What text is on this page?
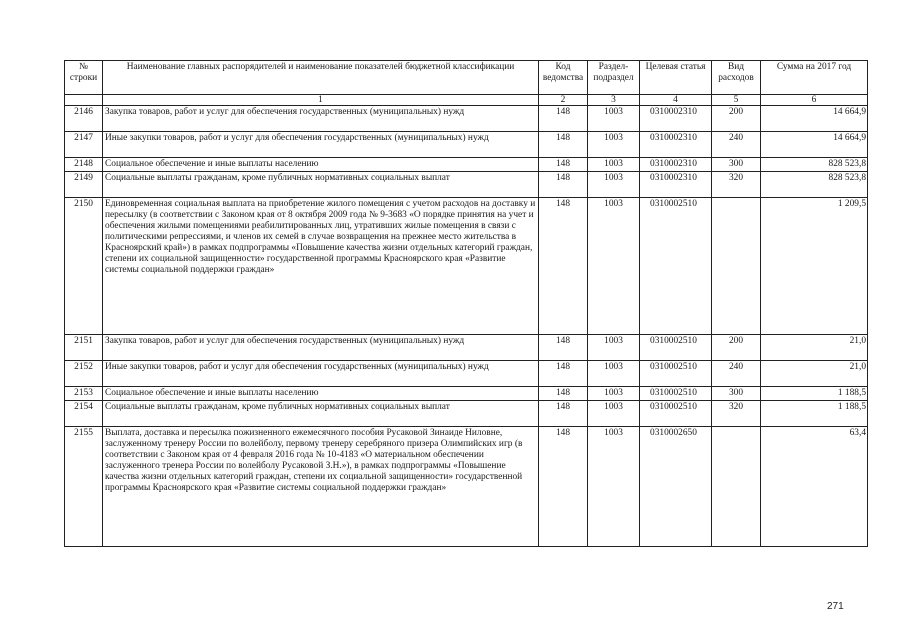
№ строки	Наименование главных распорядителей и наименование показателей бюджетной классификации	Код ведомства	Раздел-подраздел	Целевая статья	Вид расходов	Сумма на 2017 год
	1	2	3	4	5	6
2146	Закупка товаров, работ и услуг для обеспечения государственных (муниципальных) нужд	148	1003	0310002310	200	14 664,9
2147	Иные закупки товаров, работ и услуг для обеспечения государственных (муниципальных) нужд	148	1003	0310002310	240	14 664,9
2148	Социальное обеспечение и иные выплаты населению	148	1003	0310002310	300	828 523,8
2149	Социальные выплаты гражданам, кроме публичных нормативных социальных выплат	148	1003	0310002310	320	828 523,8
2150	Единовременная социальная выплата на приобретение жилого помещения с учетом расходов на доставку и пересылку (в соответствии с Законом края от 8 октября 2009 года № 9-3683 «О порядке принятия на учет и обеспечения жилыми помещениями реабилитированных лиц, утративших жилые помещения в связи с политическими репрессиями, и членов их семей в случае возвращения на прежнее место жительства в Красноярский край») в рамках подпрограммы «Повышение качества жизни отдельных категорий граждан, степени их социальной защищенности» государственной программы Красноярского края «Развитие системы социальной поддержки граждан»	148	1003	0310002510		1 209,5
2151	Закупка товаров, работ и услуг для обеспечения государственных (муниципальных) нужд	148	1003	0310002510	200	21,0
2152	Иные закупки товаров, работ и услуг для обеспечения государственных (муниципальных) нужд	148	1003	0310002510	240	21,0
2153	Социальное обеспечение и иные выплаты населению	148	1003	0310002510	300	1 188,5
2154	Социальные выплаты гражданам, кроме публичных нормативных социальных выплат	148	1003	0310002510	320	1 188,5
2155	Выплата, доставка и пересылка пожизненного ежемесячного пособия Русаковой Зинаиде Ниловне, заслуженному тренеру России по волейболу, первому тренеру серебряного призера Олимпийских игр (в соответствии с Законом края от 4 февраля 2016 года № 10-4183 «О материальном обеспечении заслуженного тренера России по волейболу Русаковой З.Н.»), в рамках подпрограммы «Повышение качества жизни отдельных категорий граждан, степени их социальной защищенности» государственной программы Красноярского края «Развитие системы социальной поддержки граждан»	148	1003	0310002650		63,4
271
